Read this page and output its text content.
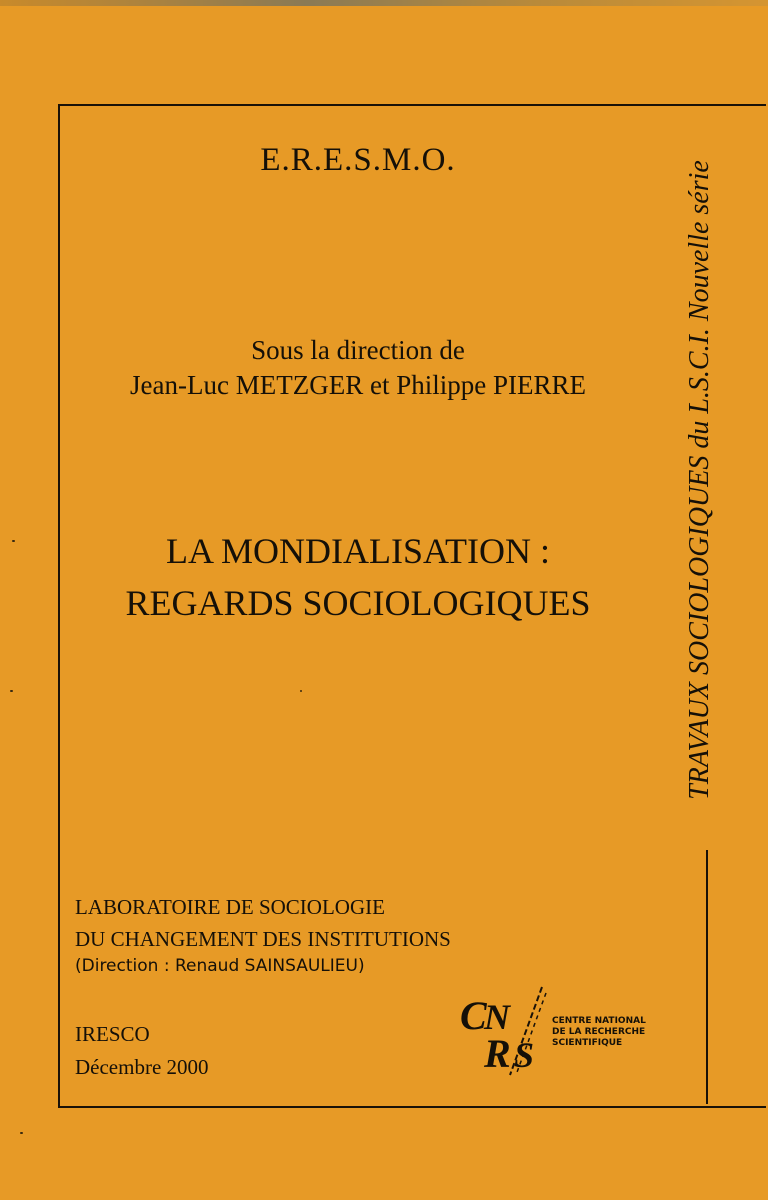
E.R.E.S.M.O.
Sous la direction de
Jean-Luc METZGER et Philippe PIERRE
LA MONDIALISATION :
REGARDS SOCIOLOGIQUES	TRAVAUX SOCIOLOGIQUES du L.S.C.I. Nouvelle série
LABORATOIRE DE SOCIOLOGIE
DU CHANGEMENT DES INSTITUTIONS
(Direction : Renaud SAINSAULIEU)
IRESCO
Décembre 2000
C
N
R S
CENTRE NATIONAL
DE LA RECHERCHE
SCIENTIFIQUE
